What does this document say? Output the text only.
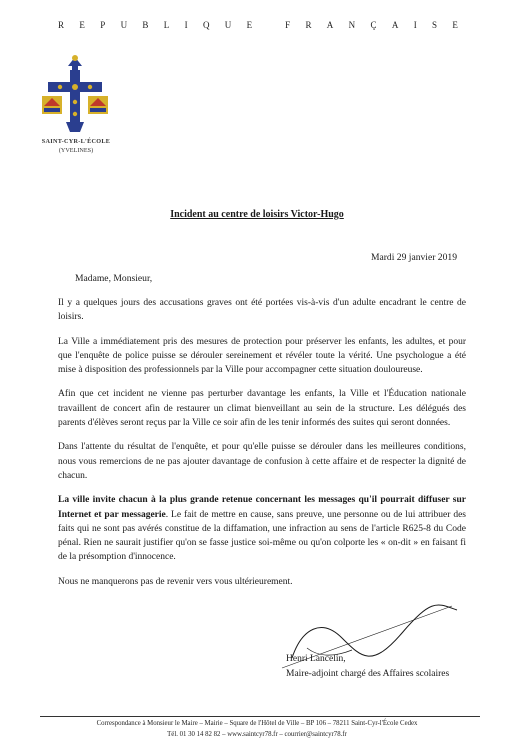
R E P U B L I Q U E
	F R A N Ç A I S E
SAINT-CYR-L'ÉCOLE
(YVELINES)
Incident au centre de loisirs Victor-Hugo
Mardi 29 janvier 2019
Madame, Monsieur,

Il y a quelques jours des accusations graves ont été portées vis-à-vis d'un adulte encadrant le centre de loisirs.

La Ville a immédiatement pris des mesures de protection pour préserver les enfants, les adultes, et pour que l'enquête de police puisse se dérouler sereinement et révéler toute la vérité. Une psychologue a été mise à disposition des professionnels par la Ville pour accompagner cette situation douloureuse.

Afin que cet incident ne vienne pas perturber davantage les enfants, la Ville et l'Éducation nationale travaillent de concert afin de restaurer un climat bienveillant au sein de la structure. Les délégués des parents d'élèves seront reçus par la Ville ce soir afin de les tenir informés des suites qui seront données.

Dans l'attente du résultat de l'enquête, et pour qu'elle puisse se dérouler dans les meilleures conditions, nous vous remercions de ne pas ajouter davantage de confusion à cette affaire et de respecter la dignité de chacun.

La ville invite chacun à la plus grande retenue concernant les messages qu'il pourrait diffuser sur Internet et par messagerie. Le fait de mettre en cause, sans preuve, une personne ou de lui attribuer des faits qui ne sont pas avérés constitue de la diffamation, une infraction au sens de l'article R625-8 du Code pénal. Rien ne saurait justifier qu'on se fasse justice soi-même ou qu'on colporte les « on-dit » en faisant fi de la présomption d'innocence.

Nous ne manquerons pas de revenir vers vous ultérieurement.

Henri Lancelin,
Maire-adjoint chargé des Affaires scolaires
Correspondance à Monsieur le Maire – Mairie – Square de l'Hôtel de Ville – BP 106 – 78211 Saint-Cyr-l'École Cedex
Tél. 01 30 14 82 82 – www.saintcyr78.fr – courrier@saintcyr78.fr
